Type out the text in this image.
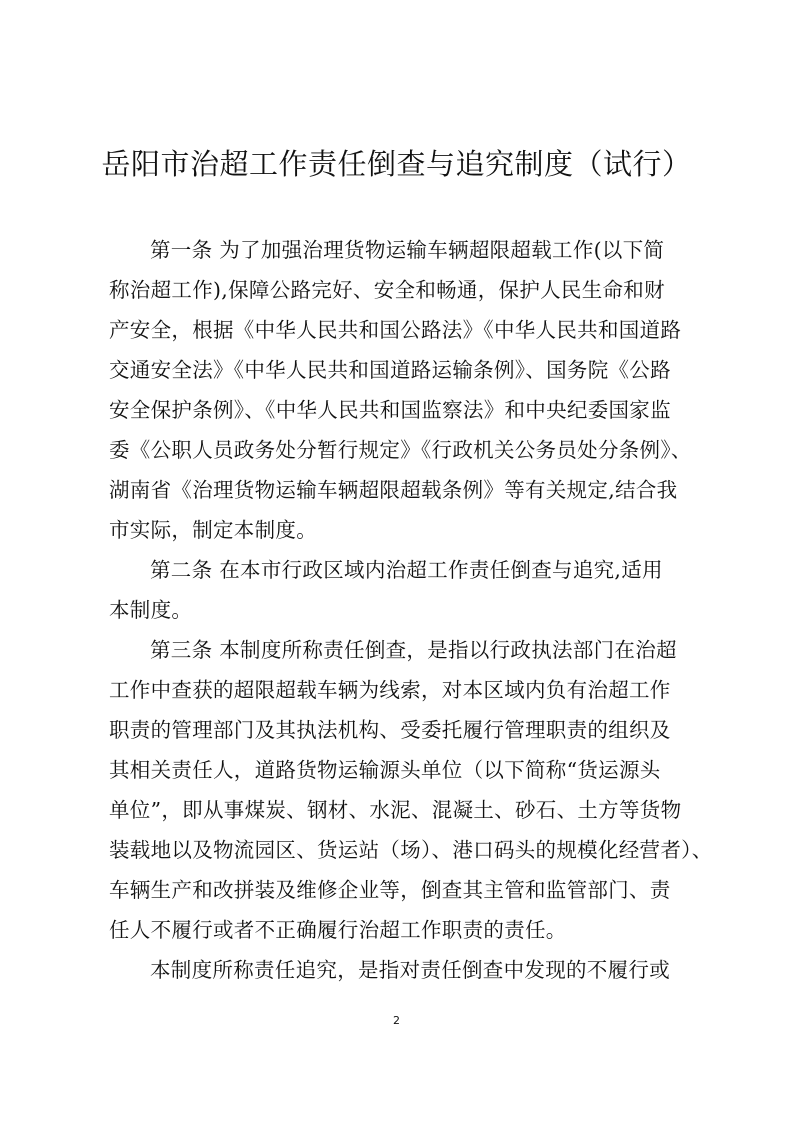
岳阳市治超工作责任倒查与追究制度（试行）

第一条 为了加强治理货物运输车辆超限超载工作(以下简
称治超工作),保障公路完好、安全和畅通，保护人民生命和财
产安全，根据《中华人民共和国公路法》《中华人民共和国道路
交通安全法》《中华人民共和国道路运输条例》、国务院《公路
安全保护条例》、《中华人民共和国监察法》和中央纪委国家监
委《公职人员政务处分暂行规定》《行政机关公务员处分条例》、
湖南省《治理货物运输车辆超限超载条例》等有关规定,结合我
市实际，制定本制度。

第二条 在本市行政区域内治超工作责任倒查与追究,适用
本制度。

第三条 本制度所称责任倒查，是指以行政执法部门在治超
工作中查获的超限超载车辆为线索，对本区域内负有治超工作
职责的管理部门及其执法机构、受委托履行管理职责的组织及
其相关责任人，道路货物运输源头单位（以下简称“货运源头
单位”，即从事煤炭、钢材、水泥、混凝土、砂石、土方等货物
装载地以及物流园区、货运站（场）、港口码头的规模化经营者）、
车辆生产和改拼装及维修企业等，倒查其主管和监管部门、责
任人不履行或者不正确履行治超工作职责的责任。

本制度所称责任追究，是指对责任倒查中发现的不履行或

2
